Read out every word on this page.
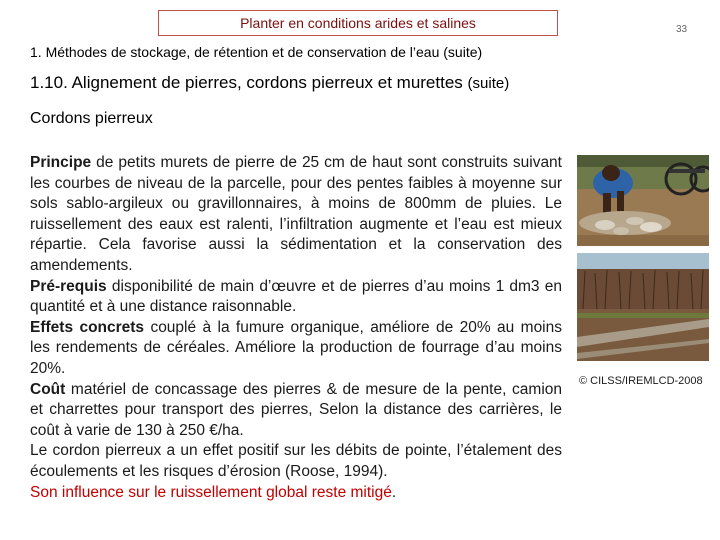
Planter en conditions arides et salines	33
1. Méthodes de stockage, de rétention et de conservation de l’eau (suite)
1.10. Alignement de pierres, cordons pierreux et murettes (suite)
Cordons pierreux

Principe de petits murets de pierre de 25 cm de haut sont construits suivant les courbes de niveau de la parcelle, pour des pentes faibles à moyenne sur sols sablo-argileux ou gravillonnaires, à moins de 800mm de pluies. Le ruissellement des eaux est ralenti, l’infiltration augmente et l’eau est mieux répartie. Cela favorise aussi la sédimentation et la conservation des amendements.

Pré-requis disponibilité de main d’œuvre et de pierres d’au moins 1 dm3 en quantité et à une distance raisonnable.

Effets concrets couplé à la fumure organique, améliore de 20% au moins les rendements de céréales. Améliore la production de fourrage d’au moins 20%.

Coût matériel de concassage des pierres & de mesure de la pente, camion et charrettes pour transport des pierres, Selon la distance des carrières, le coût à varie de 130 à 250 €/ha.

Le cordon pierreux a un effet positif sur les débits de pointe, l’étalement des écoulements et les risques d’érosion (Roose, 1994).

Son influence sur le ruissellement global reste mitigé.

© CILSS/IREMLCD-2008
